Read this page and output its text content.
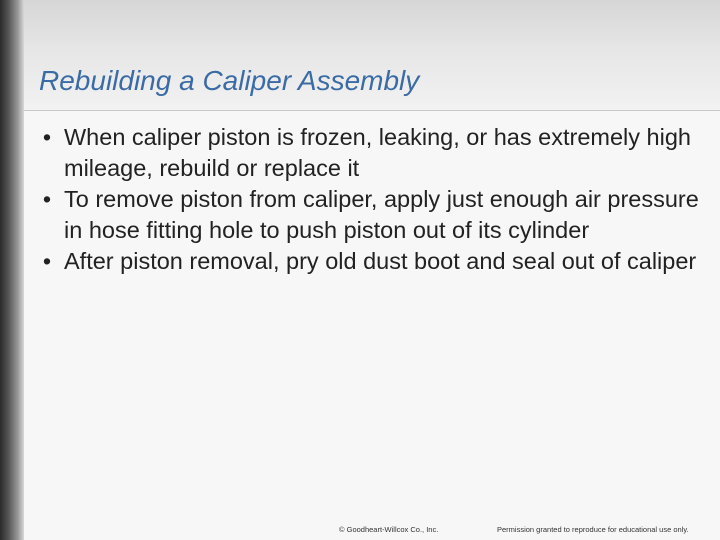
Rebuilding a Caliper Assembly
• When caliper piston is frozen, leaking, or has extremely high mileage, rebuild or replace it
• To remove piston from caliper, apply just enough air pressure in hose fitting hole to push piston out of its cylinder
• After piston removal, pry old dust boot and seal out of caliper
© Goodheart-Willcox Co., Inc.	Permission granted to reproduce for educational use only.
